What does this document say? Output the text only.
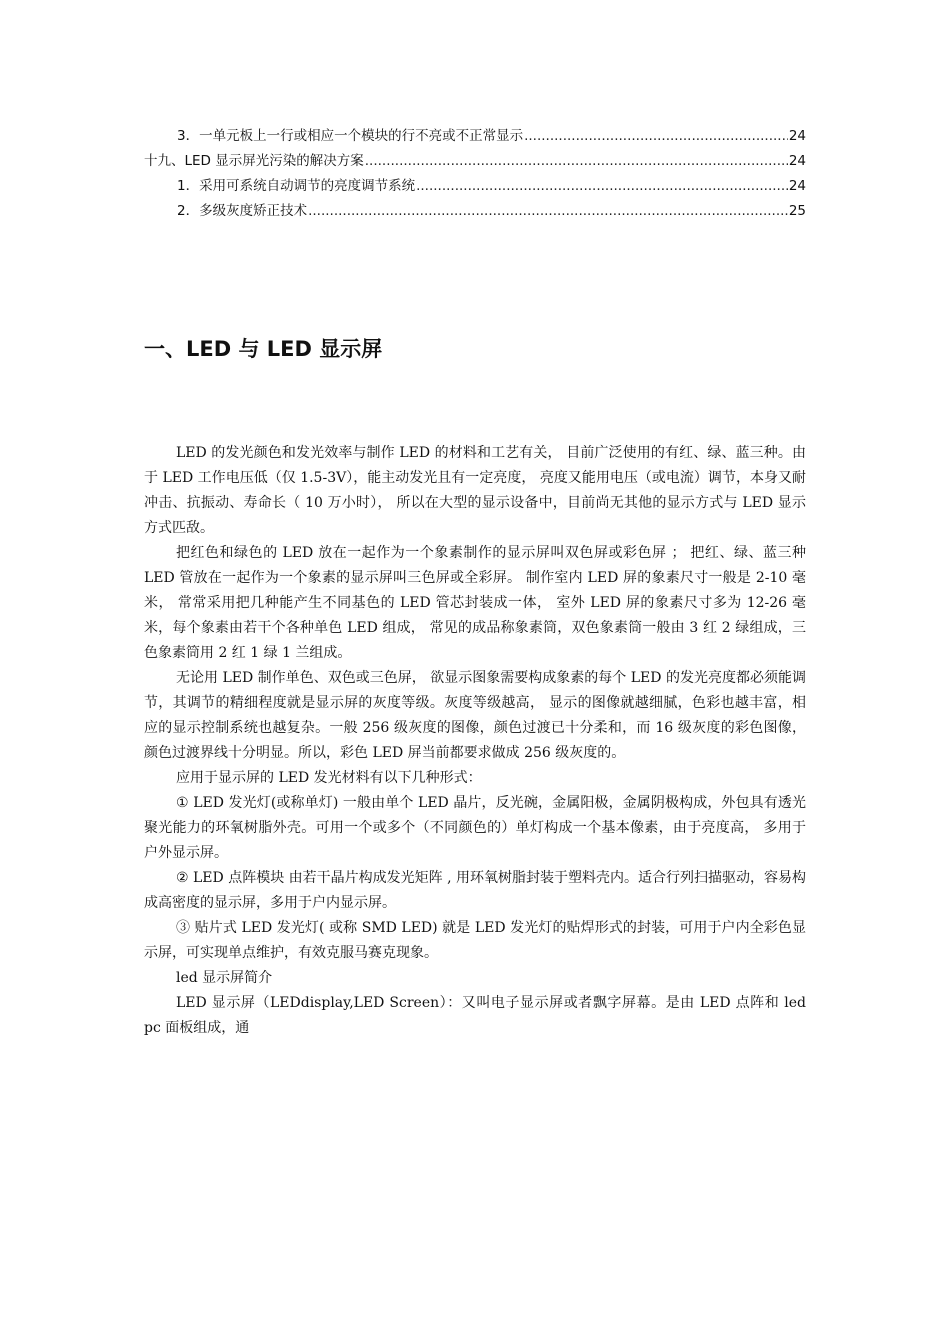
3．一单元板上一行或相应一个模块的行不亮或不正常显示 .....	24
十九、LED 显示屏光污染的解决方案 .....	24
1．采用可系统自动调节的亮度调节系统 .....	24
2．多级灰度矫正技术 .....	25
一、LED 与 LED 显示屏

LED 的发光颜色和发光效率与制作 LED 的材料和工艺有关， 目前广泛使用的有红、绿、蓝三种。由于 LED 工作电压低（仅 1.5-3V），能主动发光且有一定亮度， 亮度又能用电压（或电流）调节，本身又耐冲击、抗振动、寿命长（ 10 万小时）， 所以在大型的显示设备中，目前尚无其他的显示方式与 LED 显示方式匹敌。

把红色和绿色的 LED 放在一起作为一个象素制作的显示屏叫双色屏或彩色屏 ； 把红、绿、蓝三种 LED 管放在一起作为一个象素的显示屏叫三色屏或全彩屏。 制作室内 LED 屏的象素尺寸一般是 2-10 毫米， 常常采用把几种能产生不同基色的 LED 管芯封装成一体， 室外 LED 屏的象素尺寸多为 12-26 毫米，每个象素由若干个各种单色 LED 组成， 常见的成品称象素筒，双色象素筒一般由 3 红 2 绿组成，三色象素筒用 2 红 1 绿 1 兰组成。

无论用 LED 制作单色、双色或三色屏， 欲显示图象需要构成象素的每个 LED 的发光亮度都必须能调节，其调节的精细程度就是显示屏的灰度等级。灰度等级越高， 显示的图像就越细腻，色彩也越丰富，相应的显示控制系统也越复杂。一般 256 级灰度的图像，颜色过渡已十分柔和，而 16 级灰度的彩色图像，颜色过渡界线十分明显。所以，彩色 LED 屏当前都要求做成 256 级灰度的。

应用于显示屏的 LED 发光材料有以下几种形式：

① LED 发光灯(或称单灯) 一般由单个 LED 晶片，反光碗，金属阳极，金属阴极构成，外包具有透光聚光能力的环氧树脂外壳。可用一个或多个（不同颜色的）单灯构成一个基本像素，由于亮度高， 多用于户外显示屏。

② LED 点阵模块 由若干晶片构成发光矩阵 , 用环氧树脂封装于塑料壳内。适合行列扫描驱动，容易构成高密度的显示屏，多用于户内显示屏。

③ 贴片式 LED 发光灯( 或称 SMD LED) 就是 LED 发光灯的贴焊形式的封装，可用于户内全彩色显示屏，可实现单点维护，有效克服马赛克现象。

led 显示屏简介

LED 显示屏（LEDdisplay,LED Screen）：又叫电子显示屏或者飘字屏幕。是由 LED 点阵和 led pc 面板组成，通
